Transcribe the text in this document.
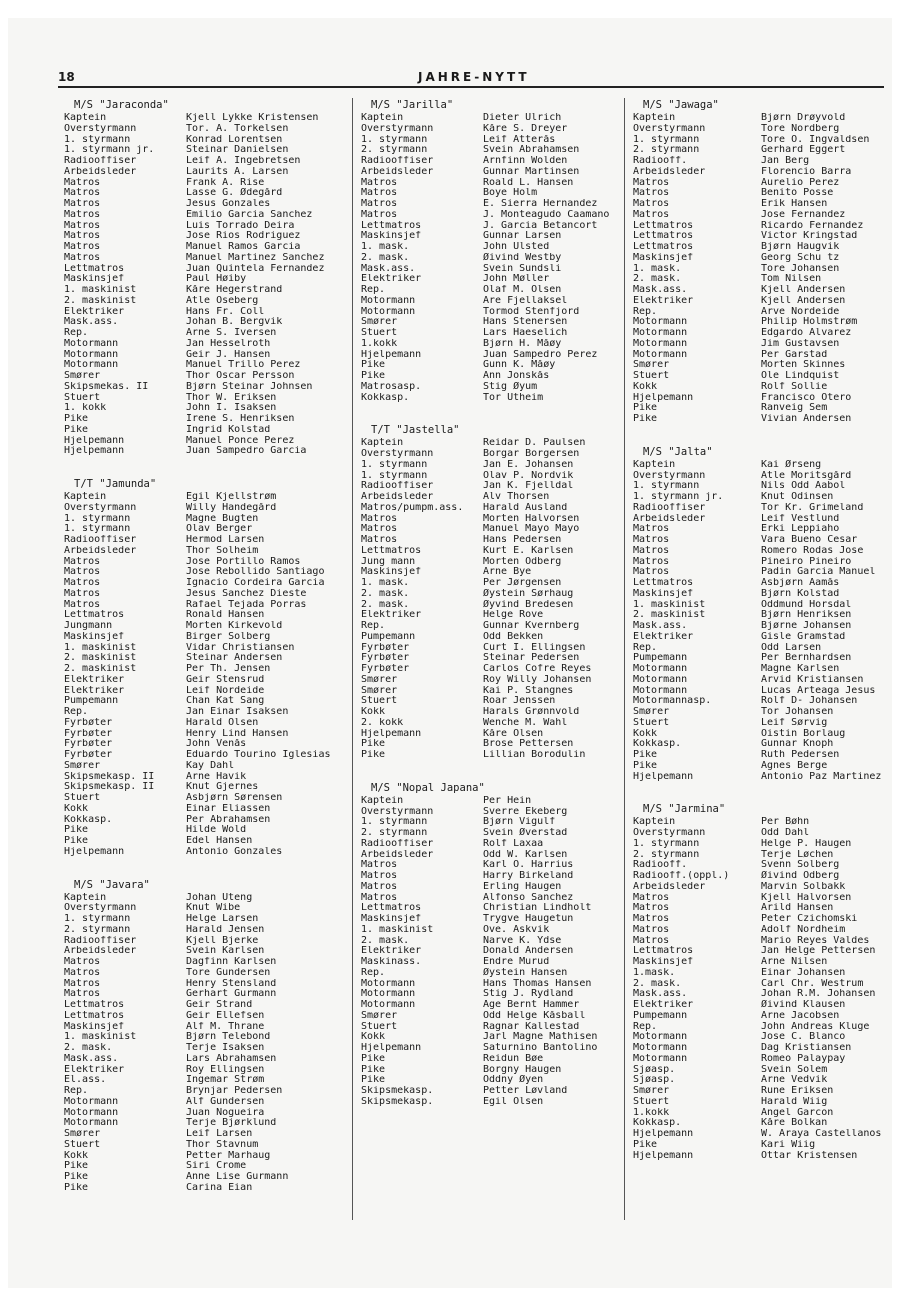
18	JAHRE-NYTT
M/S "Jaraconda"
Kaptein	Kjell Lykke Kristensen
Overstyrmann	Tor. A. Torkelsen
1. styrmann	Konrad Lorentsen
1. styrmann jr.	Steinar Danielsen
Radiooffiser	Leif A. Ingebretsen
Arbeidsleder	Laurits A. Larsen
Matros	Frank A. Rise
Matros	Lasse G. Ødegård
Matros	Jesus Gonzales
Matros	Emilio Garcia Sanchez
Matros	Luis Torrado Deira
Matros	Jose Rios Rodriguez
Matros	Manuel Ramos Garcia
Matros	Manuel Martinez Sanchez
Lettmatros	Juan Quintela Fernandez
Maskinsjef	Paul Høiby
1. maskinist	Kåre Hegerstrand
2. maskinist	Atle Oseberg
Elektriker	Hans Fr. Coll
Mask.ass.	Johan B. Bergvik
Rep.	Arne S. Iversen
Motormann	Jan Hesselroth
Motormann	Geir J. Hansen
Motormann	Manuel Trillo Perez
Smører	Thor Oscar Persson
Skipsmekas. II	Bjørn Steinar Johnsen
Stuert	Thor W. Eriksen
1. kokk	John I. Isaksen
Pike	Irene S. Henriksen
Pike	Ingrid Kolstad
Hjelpemann	Manuel Ponce Perez
Hjelpemann	Juan Sampedro Garcia
T/T "Jamunda"
Kaptein	Egil Kjellstrøm
Overstyrmann	Willy Handegård
1. styrmann	Magne Bugten
1. styrmann	Olav Berger
Radiooffiser	Hermod Larsen
Arbeidsleder	Thor Solheim
Matros	Jose Portillo Ramos
Matros	Jose Rebollido Santiago
Matros	Ignacio Cordeira Garcia
Matros	Jesus Sanchez Dieste
Matros	Rafael Tejada Porras
Lettmatros	Ronald Hansen
Jungmann	Morten Kirkevold
Maskinsjef	Birger Solberg
1. maskinist	Vidar Christiansen
2. maskinist	Steinar Andersen
2. maskinist	Per Th. Jensen
Elektriker	Geir Stensrud
Elektriker	Leif Nordeide
Pumpemann	Chan Kat Sang
Rep.	Jan Einar Isaksen
Fyrbøter	Harald Olsen
Fyrbøter	Henry Lind Hansen
Fyrbøter	John Venås
Fyrbøter	Eduardo Tourino Iglesias
Smører	Kay Dahl
Skipsmekasp. II	Arne Havik
Skipsmekasp. II	Knut Gjernes
Stuert	Asbjørn Sørensen
Kokk	Einar Eliassen
Kokkasp.	Per Abrahamsen
Pike	Hilde Wold
Pike	Edel Hansen
Hjelpemann	Antonio Gonzales
M/S "Javara"
Kaptein	Johan Uteng
Overstyrmann	Knut Wibe
1. styrmann	Helge Larsen
2. styrmann	Harald Jensen
Radiooffiser	Kjell Bjerke
Arbeidsleder	Svein Karlsen
Matros	Dagfinn Karlsen
Matros	Tore Gundersen
Matros	Henry Stensland
Matros	Gerhart Gurmann
Lettmatros	Geir Strand
Lettmatros	Geir Ellefsen
Maskinsjef	Alf M. Thrane
1. maskinist	Bjørn Telebond
2. mask.	Terje Isaksen
Mask.ass.	Lars Abrahamsen
Elektriker	Roy Ellingsen
El.ass.	Ingemar Strøm
Rep.	Brynjar Pedersen
Motormann	Alf Gundersen
Motormann	Juan Nogueira
Motormann	Terje Bjørklund
Smører	Leif Larsen
Stuert	Thor Stavnum
Kokk	Petter Marhaug
Pike	Siri Crome
Pike	Anne Lise Gurmann
Pike	Carina Eian
M/S "Jarilla"
Kaptein	Dieter Ulrich
Overstyrmann	Kåre S. Dreyer
1. styrmann	Leif Atterås
2. styrmann	Svein Abrahamsen
Radiooffiser	Arnfinn Wolden
Arbeidsleder	Gunnar Martinsen
Matros	Roald L. Hansen
Matros	Boye Holm
Matros	E. Sierra Hernandez
Matros	J. Monteagudo Caamano
Lettmatros	J. Garcia Betancort
Maskinsjef	Gunnar Larsen
1. mask.	John Ulsted
2. mask.	Øivind Westby
Mask.ass.	Svein Sundsli
Elektriker	John Møller
Rep.	Olaf M. Olsen
Motormann	Are Fjellaksel
Motormann	Tormod Stenfjord
Smører	Hans Stenersen
Stuert	Lars Haeselich
1.kokk	Bjørn H. Måøy
Hjelpemann	Juan Sampedro Perez
Pike	Gunn K. Måøy
Pike	Ann Jonskås
Matrosasp.	Stig Øyum
Kokkasp.	Tor Utheim
T/T "Jastella"
Kaptein	Reidar D. Paulsen
Overstyrmann	Borgar Borgersen
1. styrmann	Jan E. Johansen
1. styrmann	Olav P. Nordvik
Radiooffiser	Jan K. Fjelldal
Arbeidsleder	Alv Thorsen
Matros/pumpm.ass.	Harald Ausland
Matros	Morten Halvorsen
Matros	Manuel Mayo Mayo
Matros	Hans Pedersen
Lettmatros	Kurt E. Karlsen
Jung mann	Morten Odberg
Maskinsjef	Arne Bye
1. mask.	Per Jørgensen
2. mask.	Øystein Sørhaug
2. mask.	Øyvind Bredesen
Elektriker	Helge Rove
Rep.	Gunnar Kvernberg
Pumpemann	Odd Bekken
Fyrbøter	Curt I. Ellingsen
Fyrbøter	Steinar Pedersen
Fyrbøter	Carlos Cofre Reyes
Smører	Roy Willy Johansen
Smører	Kai P. Stangnes
Stuert	Roar Jenssen
Kokk	Harals Grønnvold
2. kokk	Wenche M. Wahl
Hjelpemann	Kåre Olsen
Pike	Brose Pettersen
Pike	Lillian Borodulin
M/S "Nopal Japana"
Kaptein	Per Hein
Overstyrmann	Sverre Ekeberg
1. styrmann	Bjørn Vigulf
2. styrmann	Svein Øverstad
Radiooffiser	Rolf Laxaa
Arbeidsleder	Odd W. Karlsen
Matros	Karl O. Harrius
Matros	Harry Birkeland
Matros	Erling Haugen
Matros	Alfonso Sanchez
Lettmatros	Christian Lindholt
Maskinsjef	Trygve Haugetun
1. maskinist	Ove. Askvik
2. mask.	Narve K. Ydse
Elektriker	Donald Andersen
Maskinass.	Endre Murud
Rep.	Øystein Hansen
Motormann	Hans Thomas Hansen
Motormann	Stig J. Rydland
Motormann	Åge Bernt Hammer
Smører	Odd Helge Kåsball
Stuert	Ragnar Kallestad
Kokk	Jarl Magne Mathisen
Hjelpemann	Saturnino Bantolino
Pike	Reidun Bøe
Pike	Borgny Haugen
Pike	Oddny Øyen
Skipsmekasp.	Petter Løvland
Skipsmekasp.	Egil Olsen
M/S "Jawaga"
Kaptein	Bjørn Drøyvold
Overstyrmann	Tore Nordberg
1. styrmann	Tore O. Ingvaldsen
2. styrmann	Gerhard Eggert
Radiooff.	Jan Berg
Arbeidsleder	Florencio Barra
Matros	Aurelio Perez
Matros	Benito Posse
Matros	Erik Hansen
Matros	Jose Fernandez
Lettmatros	Ricardo Fernandez
Lettmatros	Victor Kringstad
Lettmatros	Bjørn Haugvik
Maskinsjef	Georg Schu tz
1. mask.	Tore Johansen
2. mask.	Tom Nilsen
Mask.ass.	Kjell Andersen
Elektriker	Kjell Andersen
Rep.	Arve Nordeide
Motormann	Philip Holmstrøm
Motormann	Edgardo Alvarez
Motormann	Jim Gustavsen
Motormann	Per Garstad
Smører	Morten Skinnes
Stuert	Ole Lindquist
Kokk	Rolf Sollie
Hjelpemann	Francisco Otero
Pike	Ranveig Sem
Pike	Vivian Andersen
M/S "Jalta"
Kaptein	Kai Ørseng
Overstyrmann	Atle Moritsgård
1. styrmann	Nils Odd Aabol
1. styrmann jr.	Knut Odinsen
Radiooffiser	Tor Kr. Grimeland
Arbeidsleder	Leif Vestlund
Matros	Erki Leppiaho
Matros	Vara Bueno Cesar
Matros	Romero Rodas Jose
Matros	Pineiro Pineiro
Matros	Padin Garcia Manuel
Lettmatros	Asbjørn Aamås
Maskinsjef	Bjørn Kolstad
1. maskinist	Oddmund Horsdal
2. maskinist	Bjørn Henriksen
Mask.ass.	Bjørne Johansen
Elektriker	Gisle Gramstad
Rep.	Odd Larsen
Pumpemann	Per Bernhardsen
Motormann	Magne Karlsen
Motormann	Arvid Kristiansen
Motormann	Lucas Arteaga Jesus
Motormannasp.	Rolf D- Johansen
Smører	Tor Johansen
Stuert	Leif Sørvig
Kokk	Oistin Borlaug
Kokkasp.	Gunnar Knoph
Pike	Ruth Pedersen
Pike	Agnes Berge
Hjelpemann	Antonio Paz Martinez
M/S "Jarmina"
Kaptein	Per Bøhn
Overstyrmann	Odd Dahl
1. styrmann	Helge P. Haugen
2. styrmann	Terje Løchen
Radiooff.	Svenn Solberg
Radiooff.(oppl.)	Øivind Odberg
Arbeidsleder	Marvin Solbakk
Matros	Kjell Halvorsen
Matros	Arild Hansen
Matros	Peter Czichomski
Matros	Adolf Nordheim
Matros	Mario Reyes Valdes
Lettmatros	Jan Helge Pettersen
Maskinsjef	Arne Nilsen
1.mask.	Einar Johansen
2. mask.	Carl Chr. Westrum
Mask.ass.	Johan R.M. Johansen
Elektriker	Øivind Klausen
Pumpemann	Arne Jacobsen
Rep.	John Andreas Kluge
Motormann	Jose C. Blanco
Motormann	Dag Kristiansen
Motormann	Romeo Palaypay
Sjøasp.	Svein Solem
Sjøasp.	Arne Vedvik
Smører	Rune Eriksen
Stuert	Harald Wiig
1.kokk	Angel Garcon
Kokkasp.	Kåre Bolkan
Hjelpemann	W. Araya Castellanos
Pike	Kari Wiig
Hjelpemann	Ottar Kristensen
